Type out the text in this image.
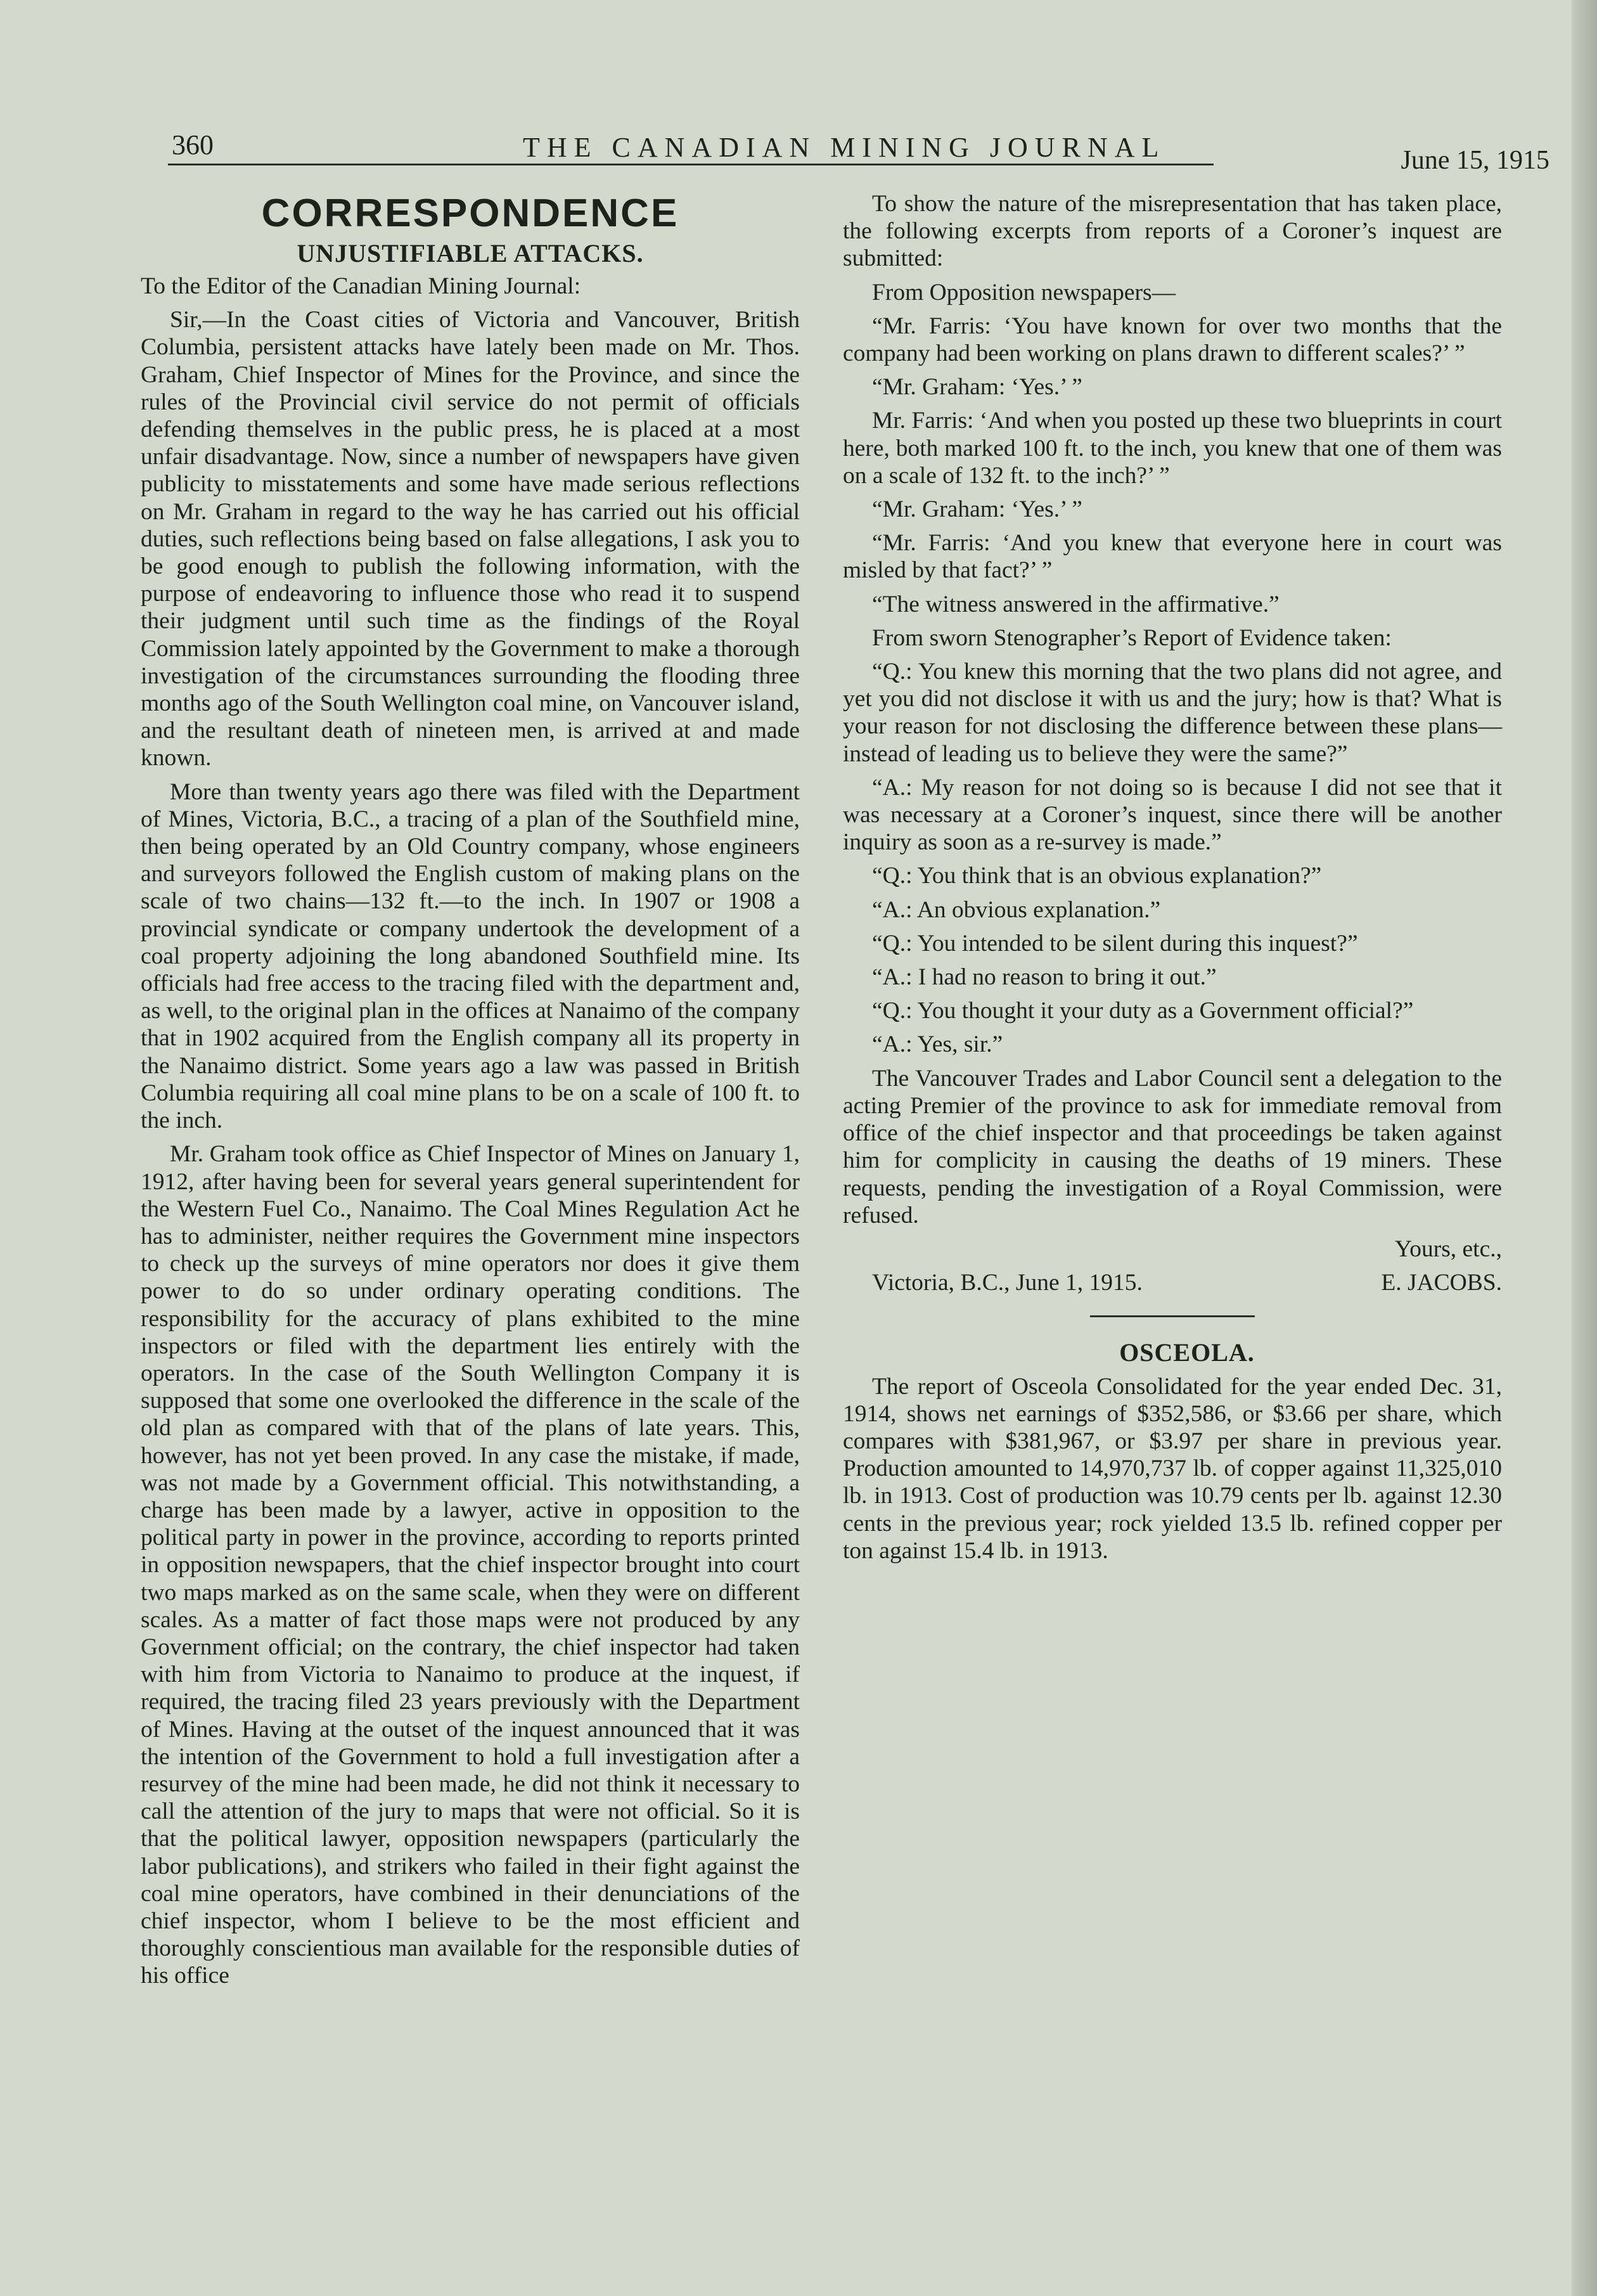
360	THE CANADIAN MINING JOURNAL	June 15, 1915
CORRESPONDENCE
UNJUSTIFIABLE ATTACKS.

To the Editor of the Canadian Mining Journal:

Sir,—In the Coast cities of Victoria and Vancouver, British Columbia, persistent attacks have lately been made on Mr. Thos. Graham, Chief Inspector of Mines for the Province, and since the rules of the Provincial civil service do not permit of officials defending themselves in the public press, he is placed at a most unfair disadvantage. Now, since a number of newspapers have given publicity to misstatements and some have made serious reflections on Mr. Graham in regard to the way he has carried out his official duties, such reflections being based on false allegations, I ask you to be good enough to publish the following information, with the purpose of endeavoring to influence those who read it to suspend their judgment until such time as the findings of the Royal Commission lately appointed by the Government to make a thorough investigation of the circumstances surrounding the flooding three months ago of the South Wellington coal mine, on Vancouver island, and the resultant death of nineteen men, is arrived at and made known.

More than twenty years ago there was filed with the Department of Mines, Victoria, B.C., a tracing of a plan of the Southfield mine, then being operated by an Old Country company, whose engineers and surveyors followed the English custom of making plans on the scale of two chains—132 ft.—to the inch. In 1907 or 1908 a provincial syndicate or company undertook the development of a coal property adjoining the long abandoned Southfield mine. Its officials had free access to the tracing filed with the department and, as well, to the original plan in the offices at Nanaimo of the company that in 1902 acquired from the English company all its property in the Nanaimo district. Some years ago a law was passed in British Columbia requiring all coal mine plans to be on a scale of 100 ft. to the inch.

Mr. Graham took office as Chief Inspector of Mines on January 1, 1912, after having been for several years general superintendent for the Western Fuel Co., Nanaimo. The Coal Mines Regulation Act he has to administer, neither requires the Government mine inspectors to check up the surveys of mine operators nor does it give them power to do so under ordinary operating conditions. The responsibility for the accuracy of plans exhibited to the mine inspectors or filed with the department lies entirely with the operators. In the case of the South Wellington Company it is supposed that some one overlooked the difference in the scale of the old plan as compared with that of the plans of late years. This, however, has not yet been proved. In any case the mistake, if made, was not made by a Government official. This notwithstanding, a charge has been made by a lawyer, active in opposition to the political party in power in the province, according to reports printed in opposition newspapers, that the chief inspector brought into court two maps marked as on the same scale, when they were on different scales. As a matter of fact those maps were not produced by any Government official; on the contrary, the chief inspector had taken with him from Victoria to Nanaimo to produce at the inquest, if required, the tracing filed 23 years previously with the Department of Mines. Having at the outset of the inquest announced that it was the intention of the Government to hold a full investigation after a resurvey of the mine had been made, he did not think it necessary to call the attention of the jury to maps that were not official. So it is that the political lawyer, opposition newspapers (particularly the labor publications), and strikers who failed in their fight against the coal mine operators, have combined in their denunciations of the chief inspector, whom I believe to be the most efficient and thoroughly conscientious man available for the responsible duties of his office

To show the nature of the misrepresentation that has taken place, the following excerpts from reports of a Coroner’s inquest are submitted:

From Opposition newspapers—

“Mr. Farris: ‘You have known for over two months that the company had been working on plans drawn to different scales?’ ”

“Mr. Graham: ‘Yes.’ ”

Mr. Farris: ‘And when you posted up these two blueprints in court here, both marked 100 ft. to the inch, you knew that one of them was on a scale of 132 ft. to the inch?’ ”

“Mr. Graham: ‘Yes.’ ”

“Mr. Farris: ‘And you knew that everyone here in court was misled by that fact?’ ”

“The witness answered in the affirmative.”

From sworn Stenographer’s Report of Evidence taken:

“Q.: You knew this morning that the two plans did not agree, and yet you did not disclose it with us and the jury; how is that? What is your reason for not disclosing the difference between these plans—instead of leading us to believe they were the same?”

“A.: My reason for not doing so is because I did not see that it was necessary at a Coroner’s inquest, since there will be another inquiry as soon as a re-survey is made.”

“Q.: You think that is an obvious explanation?”

“A.: An obvious explanation.”

“Q.: You intended to be silent during this inquest?”

“A.: I had no reason to bring it out.”

“Q.: You thought it your duty as a Government official?”

“A.: Yes, sir.”

The Vancouver Trades and Labor Council sent a delegation to the acting Premier of the province to ask for immediate removal from office of the chief inspector and that proceedings be taken against him for complicity in causing the deaths of 19 miners. These requests, pending the investigation of a Royal Commission, were refused.

Yours, etc.,

Victoria, B.C., June 1, 1915.	E. JACOBS.

OSCEOLA.

The report of Osceola Consolidated for the year ended Dec. 31, 1914, shows net earnings of $352,586, or $3.66 per share, which compares with $381,967, or $3.97 per share in previous year. Production amounted to 14,970,737 lb. of copper against 11,325,010 lb. in 1913. Cost of production was 10.79 cents per lb. against 12.30 cents in the previous year; rock yielded 13.5 lb. refined copper per ton against 15.4 lb. in 1913.
